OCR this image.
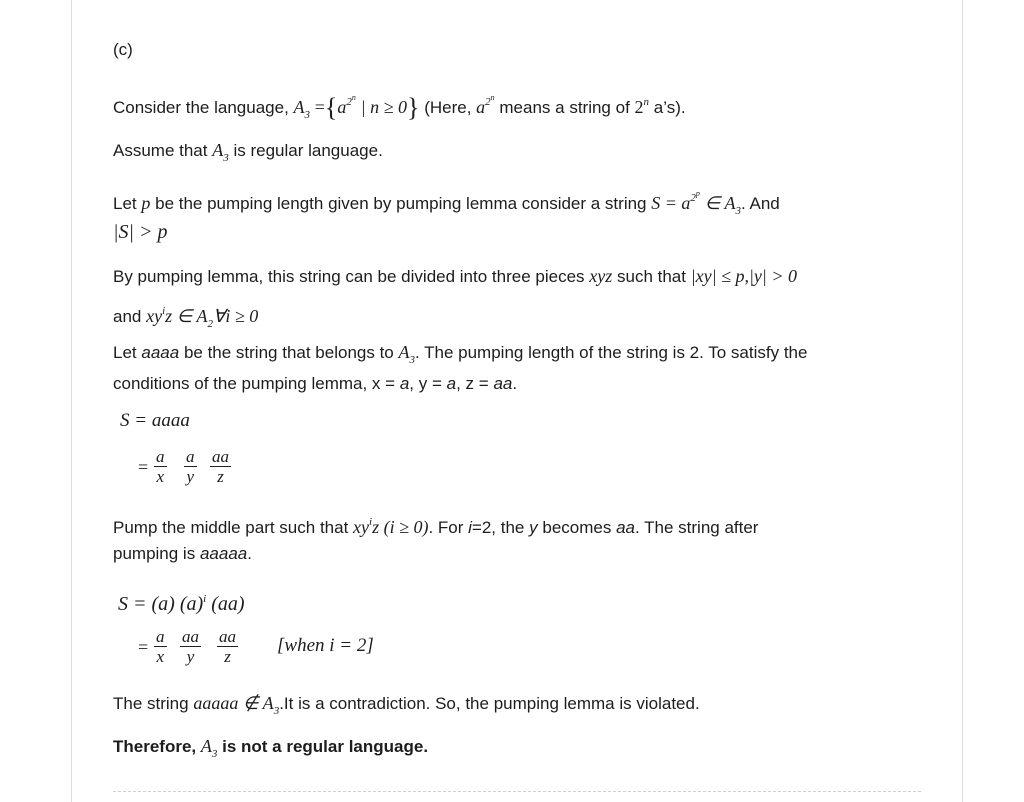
(c)
Consider the language, $A_3 =\{a^{2^n}$ | n ≥ 0} (Here, $a^{2^n}$ means a string of 2$^n$ a’s).
Assume that $A_3$ is regular language.
Let p be the pumping length given by pumping lemma consider a string $S = a^{2^p}$ ∈ $A_3$. And
|S| > p
By pumping lemma, this string can be divided into three pieces xyz such that |xy| ≤ p,|y| > 0
and $xy^iz$ ∈ $A_2\forall i \ge 0$
Let aaaa be the string that belongs to $A_3$. The pumping length of the string is 2. To satisfy the
conditions of the pumping lemma, x = a, y = a, z = aa.
S = aaaa
= $\frac{a}{x} \frac{a}{y} \frac{aa}{z}$
Pump the middle part such that $xy^iz$ (i ≥ 0). For i=2, the y becomes aa. The string after
pumping is aaaaa.
S = (a) $(a)^i$ (aa)
= $\frac{a}{x} \frac{aa}{y} \frac{aa}{z}$ [when i = 2]
The string aaaaa ∉ $A_3.It$ is a contradiction. So, the pumping lemma is violated.
Therefore, $A_3$ is not a regular language.
